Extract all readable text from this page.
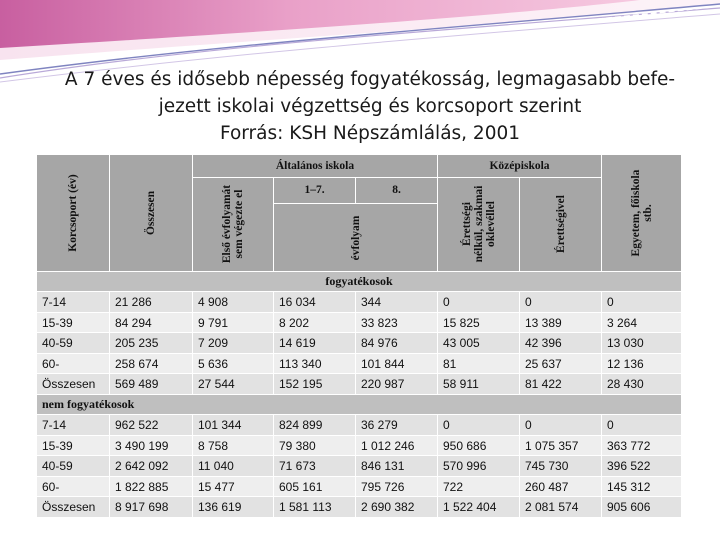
A 7 éves és idősebb népesség fogyatékosság, legmagasabb befe-
jezett iskolai végzettség és korcsoport szerint
Forrás: KSH Népszámlálás, 2001
Korcsoport (év)	Összesen	Általános iskola			Középiskola		Egyetem, főiskola stb.

		Első évfolyamát sem végezte el	1–7.	8.	Érettségi nélkül, szakmai oklevéllel	Érettségivel	

			évfolyam				

fogyatékosok							
7-14	21 286	4 908	16 034	344	0	0	0
15-39	84 294	9 791	8 202	33 823	15 825	13 389	3 264
40-59	205 235	7 209	14 619	84 976	43 005	42 396	13 030
60-	258 674	5 636	113 340	101 844	81	25 637	12 136
Összesen	569 489	27 544	152 195	220 987	58 911	81 422	28 430
nem fogyatékosok							
7-14	962 522	101 344	824 899	36 279	0	0	0
15-39	3 490 199	8 758	79 380	1 012 246	950 686	1 075 357	363 772
40-59	2 642 092	11 040	71 673	846 131	570 996	745 730	396 522
60-	1 822 885	15 477	605 161	795 726	722	260 487	145 312
Összesen	8 917 698	136 619	1 581 113	2 690 382	1 522 404	2 081 574	905 606
